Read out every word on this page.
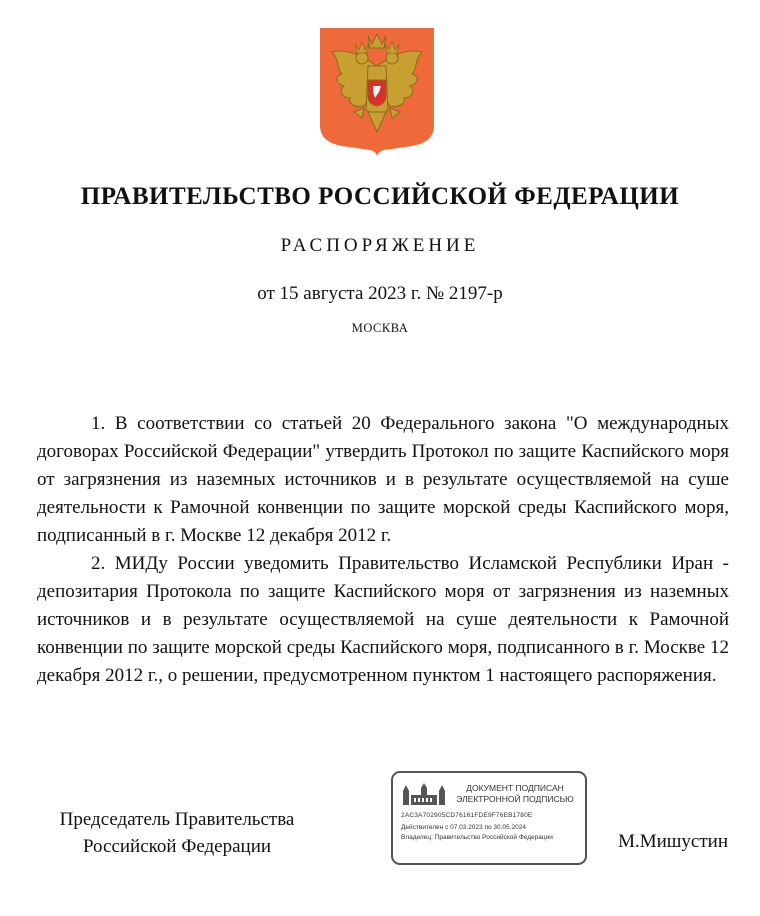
ПРАВИТЕЛЬСТВО РОССИЙСКОЙ ФЕДЕРАЦИИ
РАСПОРЯЖЕНИЕ
от 15 августа 2023 г. № 2197-р
МОСКВА

1. В соответствии со статьей 20 Федерального закона "О международных договорах Российской Федерации" утвердить Протокол по защите Каспийского моря от загрязнения из наземных источников и в результате осуществляемой на суше деятельности к Рамочной конвенции по защите морской среды Каспийского моря, подписанный в г. Москве 12 декабря 2012 г.

2. МИДу России уведомить Правительство Исламской Республики Иран - депозитария Протокола по защите Каспийского моря от загрязнения из наземных источников и в результате осуществляемой на суше деятельности к Рамочной конвенции по защите морской среды Каспийского моря, подписанного в г. Москве 12 декабря 2012 г., о решении, предусмотренном пунктом 1 настоящего распоряжения.

Председатель Правительства
Российской Федерации
ДОКУМЕНТ ПОДПИСАН
ЭЛЕКТРОННОЙ ПОДПИСЬЮ
2AC3A702905CD76161FDE9F76EB1780E
Действителен с 07.03.2023 по 30.05.2024
Владелец: Правительство Российской Федерации	М.Мишустин
